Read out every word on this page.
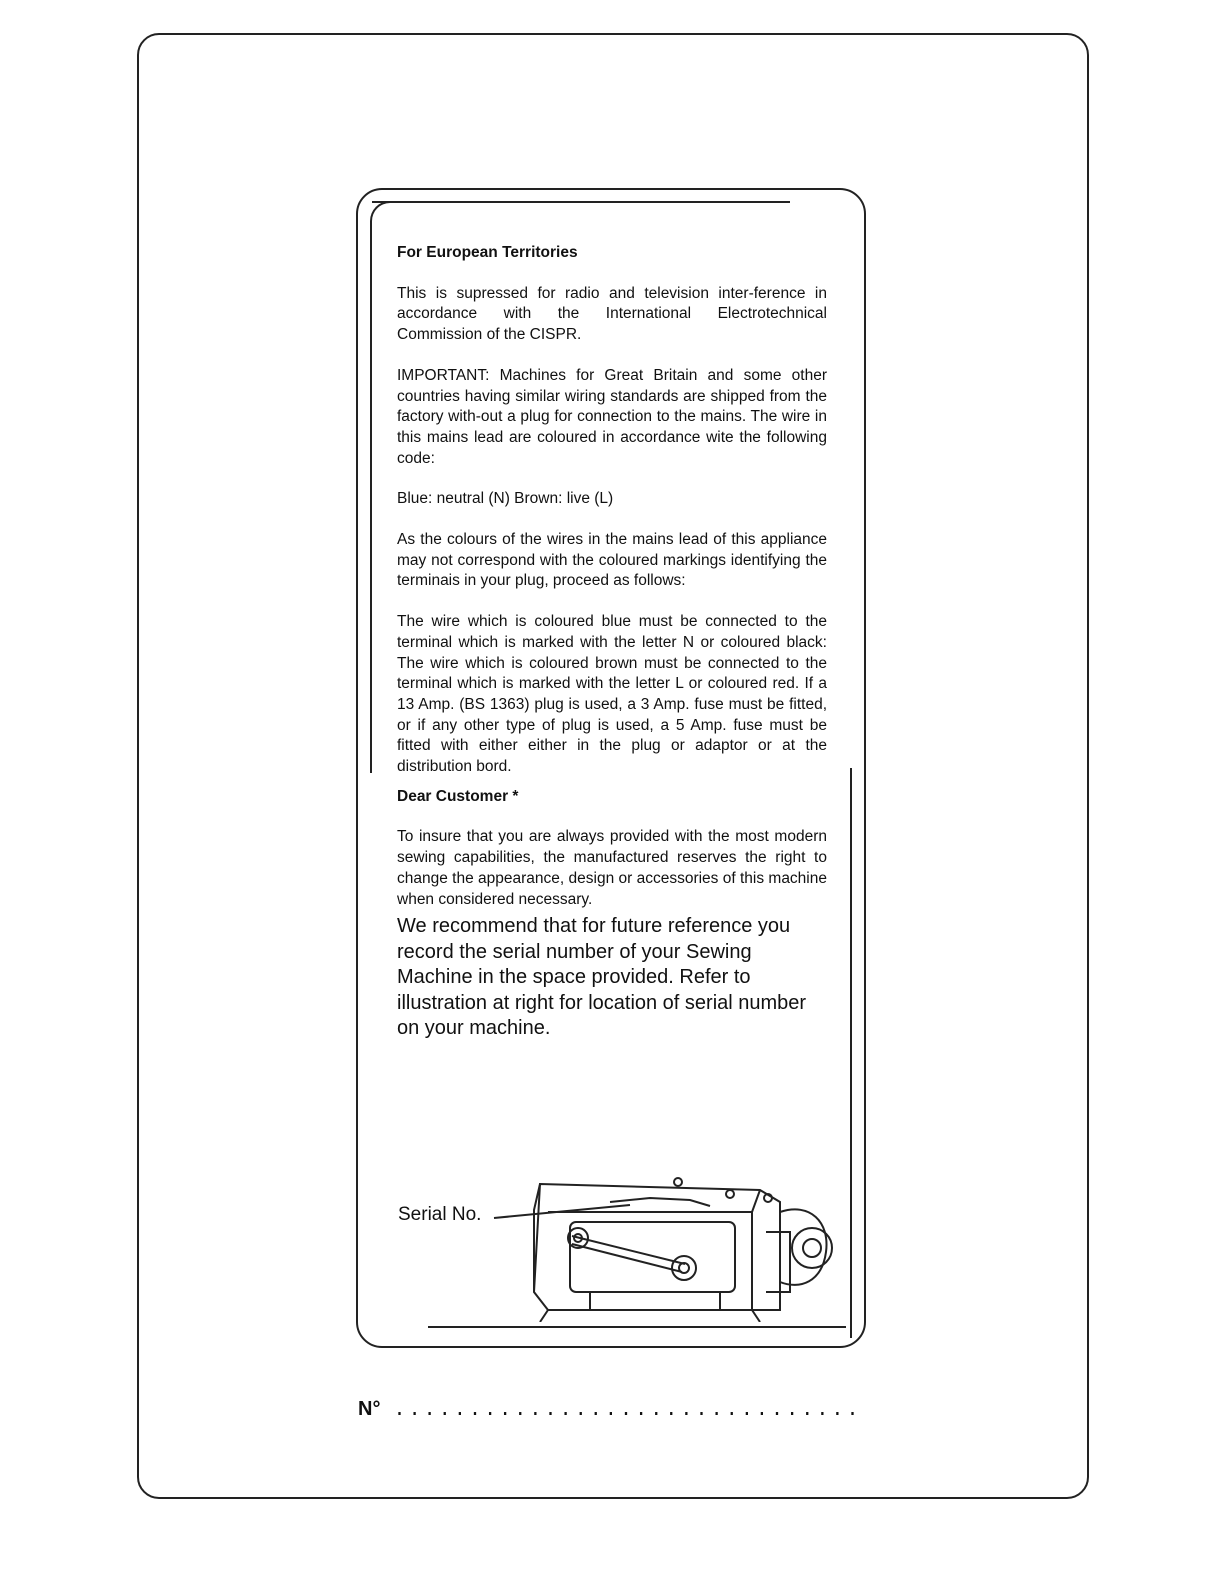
For European Territories

This is supressed for radio and television inter-ference in accordance with the International Electrotechnical Commission of the CISPR.

IMPORTANT: Machines for Great Britain and some other countries having similar wiring standards are shipped from the factory with-out a plug for connection to the mains. The wire in this mains lead are coloured in accordance wite the following code:

Blue: neutral (N) Brown: live (L)

As the colours of the wires in the mains lead of this appliance may not correspond with the coloured markings identifying the terminais in your plug, proceed as follows:

The wire which is coloured blue must be connected to the terminal which is marked with the letter N or coloured black: The wire which is coloured brown must be connected to the terminal which is marked with the letter L or coloured red. If a 13 Amp. (BS 1363) plug is used, a 3 Amp. fuse must be fitted, or if any other type of plug is used, a 5 Amp. fuse must be fitted with either either in the plug or adaptor or at the distribution bord.

Dear Customer *

To insure that you are always provided with the most modern sewing capabilities, the manufactured reserves the right to change the appearance, design or accessories of this machine when considered necessary.

We recommend that for future reference you record the serial number of your Sewing Machine in the space provided. Refer to illustration at right for location of serial number on your machine.

Serial No.
N° ...............................
